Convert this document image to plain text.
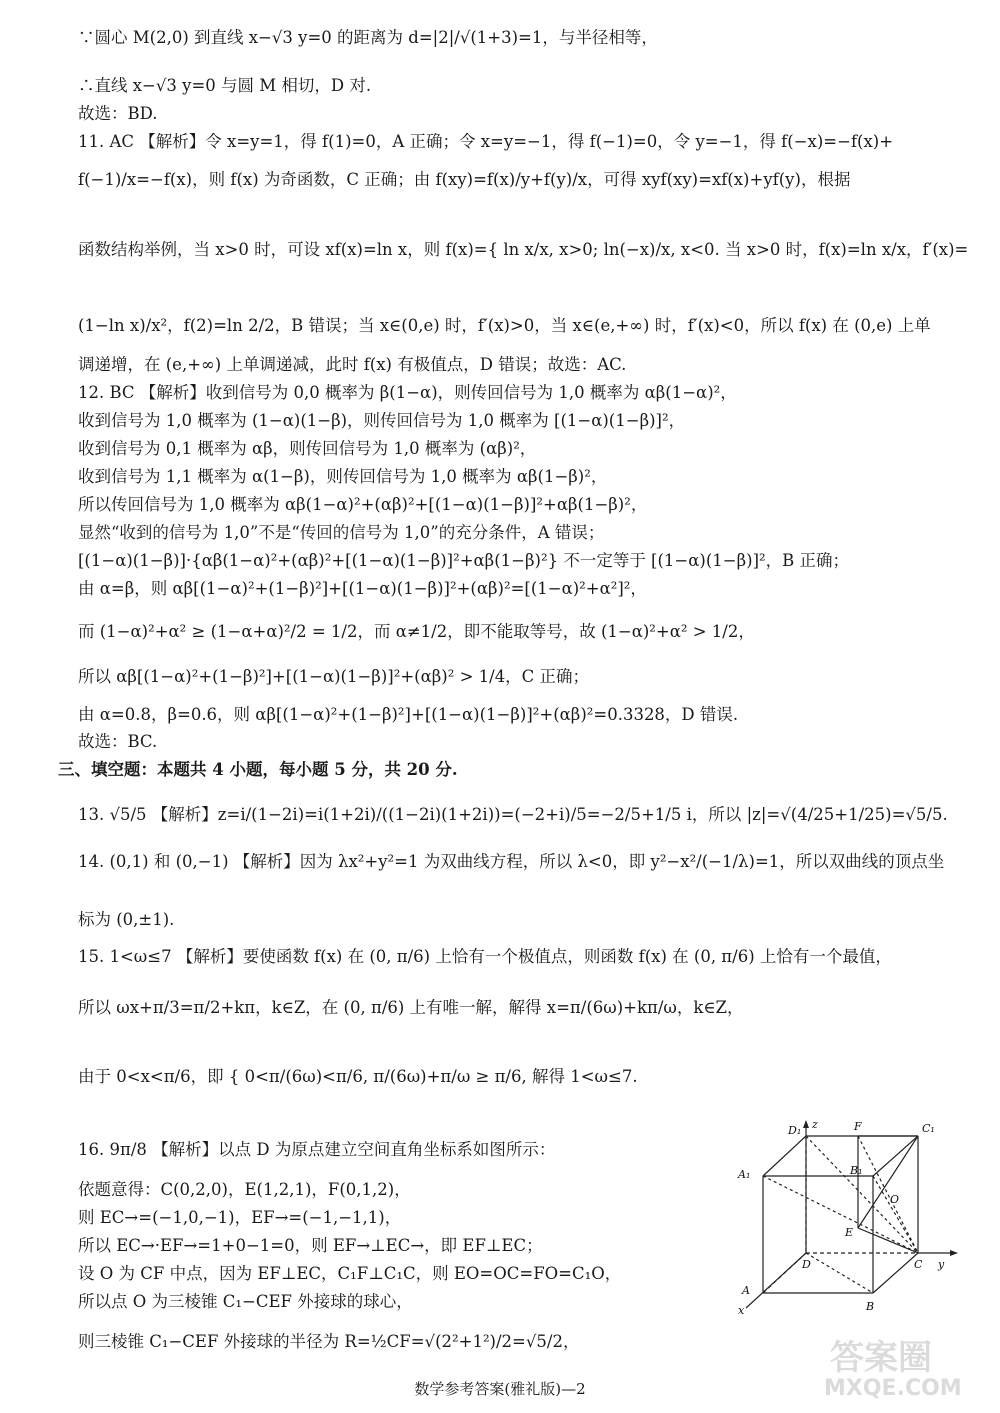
∵圆心 M(2,0) 到直线 x−√3 y=0 的距离为 d=|2|/√(1+3)=1，与半径相等，
∴直线 x−√3 y=0 与圆 M 相切，D 对.
故选：BD.
11. AC 【解析】令 x=y=1，得 f(1)=0，A 正确；令 x=y=−1，得 f(−1)=0，令 y=−1，得 f(−x)=−f(x)+
f(−1)/x=−f(x)，则 f(x) 为奇函数，C 正确；由 f(xy)=f(x)/y+f(y)/x，可得 xyf(xy)=xf(x)+yf(y)，根据
函数结构举例，当 x>0 时，可设 xf(x)=ln x，则 f(x)={ ln x/x, x>0; ln(−x)/x, x<0. 当 x>0 时，f(x)=ln x/x，f′(x)=
(1−ln x)/x²，f(2)=ln 2/2，B 错误；当 x∈(0,e) 时，f′(x)>0，当 x∈(e,+∞) 时，f′(x)<0，所以 f(x) 在 (0,e) 上单
调递增，在 (e,+∞) 上单调递减，此时 f(x) 有极值点，D 错误；故选：AC.
12. BC 【解析】收到信号为 0,0 概率为 β(1−α)，则传回信号为 1,0 概率为 αβ(1−α)²，
收到信号为 1,0 概率为 (1−α)(1−β)，则传回信号为 1,0 概率为 [(1−α)(1−β)]²，
收到信号为 0,1 概率为 αβ，则传回信号为 1,0 概率为 (αβ)²，
收到信号为 1,1 概率为 α(1−β)，则传回信号为 1,0 概率为 αβ(1−β)²，
所以传回信号为 1,0 概率为 αβ(1−α)²+(αβ)²+[(1−α)(1−β)]²+αβ(1−β)²，
显然“收到的信号为 1,0”不是“传回的信号为 1,0”的充分条件，A 错误；
[(1−α)(1−β)]·{αβ(1−α)²+(αβ)²+[(1−α)(1−β)]²+αβ(1−β)²} 不一定等于 [(1−α)(1−β)]²，B 正确；
由 α=β，则 αβ[(1−α)²+(1−β)²]+[(1−α)(1−β)]²+(αβ)²=[(1−α)²+α²]²，
而 (1−α)²+α² ≥ (1−α+α)²/2 = 1/2，而 α≠1/2，即不能取等号，故 (1−α)²+α² > 1/2，
所以 αβ[(1−α)²+(1−β)²]+[(1−α)(1−β)]²+(αβ)² > 1/4，C 正确；
由 α=0.8，β=0.6，则 αβ[(1−α)²+(1−β)²]+[(1−α)(1−β)]²+(αβ)²=0.3328，D 错误.
故选：BC.
三、填空题：本题共 4 小题，每小题 5 分，共 20 分.
13. √5/5 【解析】z=i/(1−2i)=i(1+2i)/((1−2i)(1+2i))=(−2+i)/5=−2/5+1/5 i，所以 |z|=√(4/25+1/25)=√5/5.
14. (0,1) 和 (0,−1) 【解析】因为 λx²+y²=1 为双曲线方程，所以 λ<0，即 y²−x²/(−1/λ)=1，所以双曲线的顶点坐
标为 (0,±1).
15. 1<ω≤7 【解析】要使函数 f(x) 在 (0, π/6) 上恰有一个极值点，则函数 f(x) 在 (0, π/6) 上恰有一个最值，
所以 ωx+π/3=π/2+kπ，k∈Z，在 (0, π/6) 上有唯一解，解得 x=π/(6ω)+kπ/ω，k∈Z，
由于 0<x<π/6，即 { 0<π/(6ω)<π/6, π/(6ω)+π/ω ≥ π/6, 解得 1<ω≤7.
16. 9π/8 【解析】以点 D 为原点建立空间直角坐标系如图所示：
依题意得：C(0,2,0)，E(1,2,1)，F(0,1,2)，
则 EC→=(−1,0,−1)，EF→=(−1,−1,1)，
所以 EC→·EF→=1+0−1=0，则 EF→⊥EC→，即 EF⊥EC；
设 O 为 CF 中点，因为 EF⊥EC，C₁F⊥C₁C，则 EO=OC=FO=C₁O，
所以点 O 为三棱锥 C₁−CEF 外接球的球心，
则三棱锥 C₁−CEF 外接球的半径为 R=½CF=√(2²+1²)/2=√5/2，
D₁ z	F	C₁
A₁	B₁
O
E
D	C y
A
x	B
数学参考答案(雅礼版)—2
答案圈
MXQE.COM
